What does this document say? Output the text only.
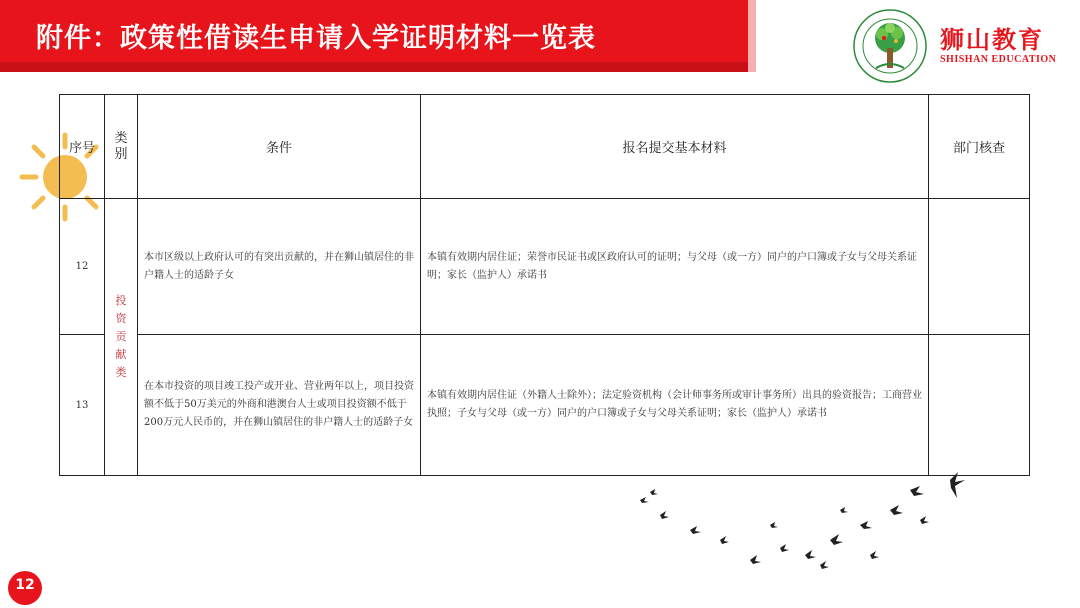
附件：政策性借读生申请入学证明材料一览表	狮山教育
SHISHAN EDUCATION
序号	类别	条件	报名提交基本材料	部门核查
12	投资贡献类	本市区级以上政府认可的有突出贡献的，并在狮山镇居住的非户籍人士的适龄子女	本镇有效期内居住证；荣誉市民证书或区政府认可的证明；与父母（或一方）同户的户口簿或子女与父母关系证明；家长（监护人）承诺书	

13		在本市投资的项目竣工投产或开业、营业两年以上，项目投资额不低于50万美元的外商和港澳台人士或项目投资额不低于200万元人民币的，并在狮山镇居住的非户籍人士的适龄子女	本镇有效期内居住证（外籍人士除外）；法定验资机构（会计师事务所或审计事务所）出具的验资报告；工商营业执照；子女与父母（或一方）同户的户口簿或子女与父母关系证明；家长（监护人）承诺书	

12
